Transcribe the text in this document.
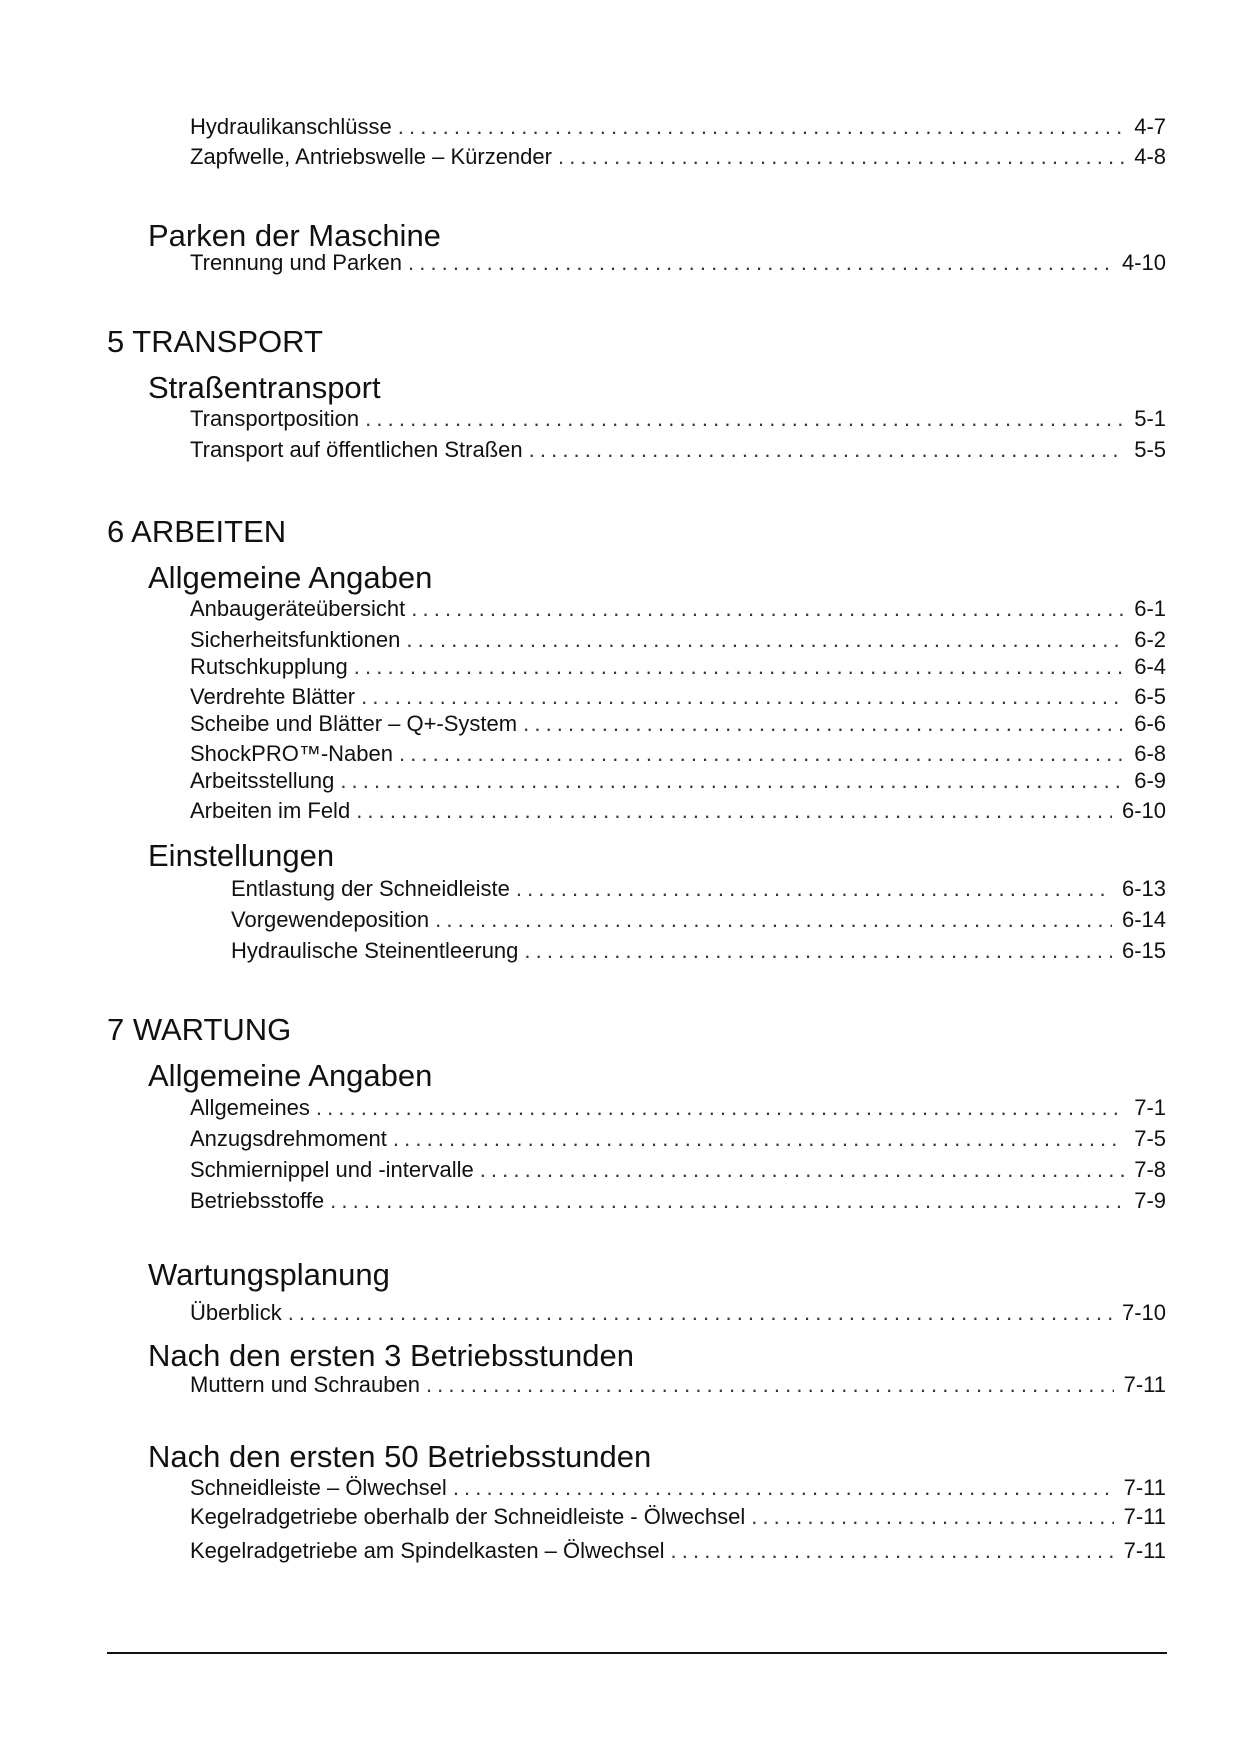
Hydraulikanschlüsse . . .	4-7
Zapfwelle, Antriebswelle – Kürzender . . .	4-8
Parken der Maschine
Trennung und Parken . . .	4-10
5 TRANSPORT
Straßentransport
Transportposition . . .	5-1
Transport auf öffentlichen Straßen . . .	5-5
6 ARBEITEN
Allgemeine Angaben
Anbaugeräteübersicht . . .	6-1
Sicherheitsfunktionen . . .	6-2
Rutschkupplung . . .	6-4
Verdrehte Blätter . . .	6-5
Scheibe und Blätter – Q+-System . . .	6-6
ShockPRO™-Naben . . .	6-8
Arbeitsstellung . . .	6-9
Arbeiten im Feld . . .	6-10
Einstellungen
Entlastung der Schneidleiste . . .	6-13
Vorgewendeposition . . .	6-14
Hydraulische Steinentleerung . . .	6-15
7 WARTUNG
Allgemeine Angaben
Allgemeines . . .	7-1
Anzugsdrehmoment . . .	7-5
Schmiernippel und -intervalle . . .	7-8
Betriebsstoffe . . .	7-9
Wartungsplanung
Überblick . . .	7-10
Nach den ersten 3 Betriebsstunden
Muttern und Schrauben . . .	7-11
Nach den ersten 50 Betriebsstunden
Schneidleiste – Ölwechsel . . .	7-11
Kegelradgetriebe oberhalb der Schneidleiste - Ölwechsel . . .	7-11
Kegelradgetriebe am Spindelkasten – Ölwechsel . . .	7-11
